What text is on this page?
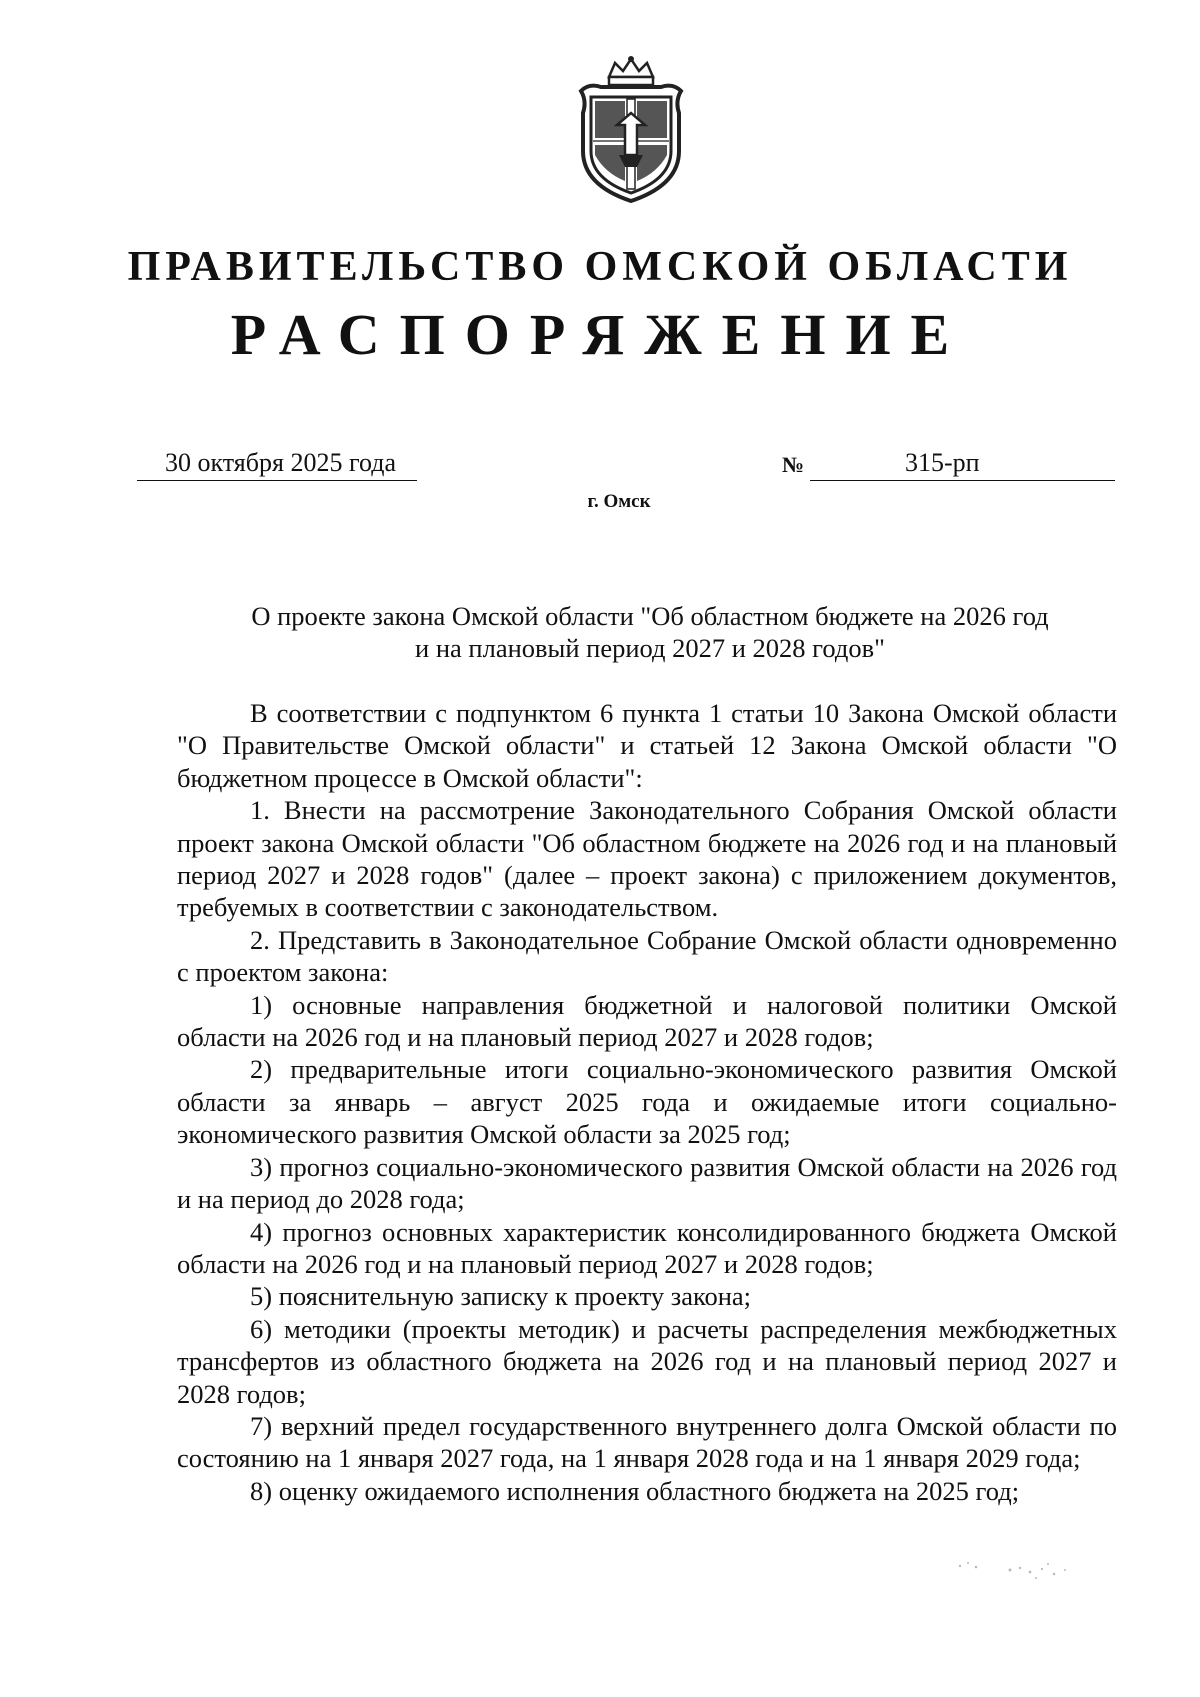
ПРАВИТЕЛЬСТВО ОМСКОЙ ОБЛАСТИ
РАСПОРЯЖЕНИЕ
30 октября 2025 года	№	315-рп
г. Омск
О проекте закона Омской области "Об областном бюджете на 2026 год
и на плановый период 2027 и 2028 годов"

В соответствии с подпунктом 6 пункта 1 статьи 10 Закона Омской области "О Правительстве Омской области" и статьей 12 Закона Омской области "О бюджетном процессе в Омской области":

1. Внести на рассмотрение Законодательного Собрания Омской области проект закона Омской области "Об областном бюджете на 2026 год и на плановый период 2027 и 2028 годов" (далее – проект закона) с приложением документов, требуемых в соответствии с законодательством.

2. Представить в Законодательное Собрание Омской области одновременно с проектом закона:

1) основные направления бюджетной и налоговой политики Омской области на 2026 год и на плановый период 2027 и 2028 годов;

2) предварительные итоги социально-экономического развития Омской области за январь – август 2025 года и ожидаемые итоги социально-экономического развития Омской области за 2025 год;

3) прогноз социально-экономического развития Омской области на 2026 год и на период до 2028 года;

4) прогноз основных характеристик консолидированного бюджета Омской области на 2026 год и на плановый период 2027 и 2028 годов;

5) пояснительную записку к проекту закона;

6) методики (проекты методик) и расчеты распределения межбюджетных трансфертов из областного бюджета на 2026 год и на плановый период 2027 и 2028 годов;

7) верхний предел государственного внутреннего долга Омской области по состоянию на 1 января 2027 года, на 1 января 2028 года и на 1 января 2029 года;

8) оценку ожидаемого исполнения областного бюджета на 2025 год;
